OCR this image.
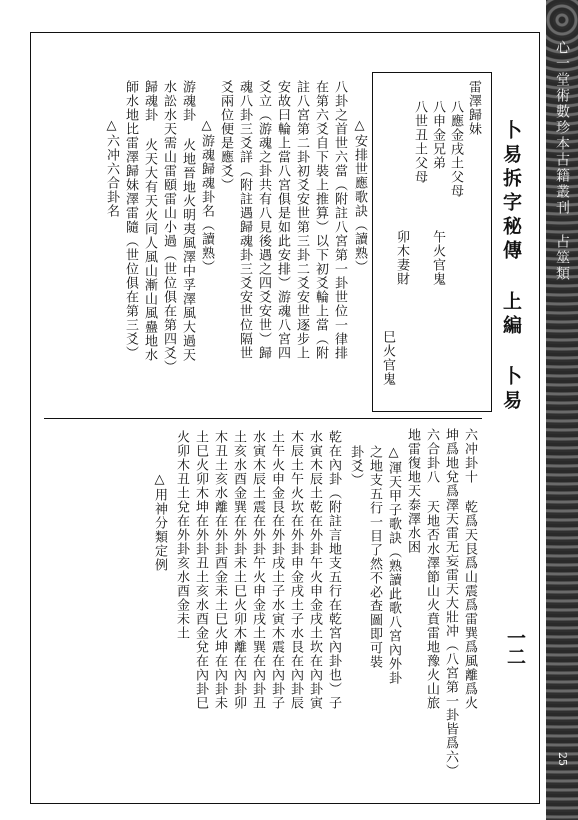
卜易拆字秘傳 上編 卜易
一二
心一堂術數珍本古籍叢刊 占筮類
25
雷澤歸妹
八應金戌土父母
八申金兄弟
午火官鬼
八世丑土父母
卯木妻財
巳火官鬼
△安排世應歌訣（讀熟）
八卦之首世六當（附註八宮第一卦世位一律排
在第六爻自下裝上推算）以下初爻輪上當（附
註八宮第二卦初爻安世第三卦二爻安世逐步上
安故曰輪上當八宮俱是如此安排）游魂八宮四
爻立（游魂之卦共有八見後遇之四爻安世）歸
魂八卦三爻詳（附註遇歸魂卦三爻安世位隔世
爻兩位便是應爻）
△游魂歸魂卦名（讀熟）
游魂卦 火地晉地火明夷風澤中孚澤風大過天
水訟水天需山雷頤雷山小過（世位俱在第四爻）
歸魂卦 火天大有天火同人風山漸山風蠱地水
師水地比雷澤歸妹澤雷隨（世位俱在第三爻）
△六冲六合卦名
六冲卦十 乾爲天艮爲山震爲雷巽爲風離爲火
坤爲地兌爲澤天雷无妄雷天大壯冲（八宮第一卦皆爲六）
六合卦八 天地否水澤節山火賁雷地豫火山旅
地雷復地天泰澤水困
△渾天甲子歌訣（熟讀此歌八宮內外卦
之地支五行一目了然不必查圖即可裝
卦爻）
乾在內卦（附註言地支五行在乾宮內卦也）子
水寅木辰土乾在外卦午火申金戌土坎在內卦寅
木辰土午火坎在外卦申金戌土子水艮在內卦辰
土午火申金艮在外卦戌土子水寅木震在內卦子
水寅木辰土震在外卦午火申金戌土巽在內卦丑
土亥水酉金巽在外卦未土巳火卯木離在內卦卯
木丑土亥水離在外卦酉金未土巳火坤在內卦未
土巳火卯木坤在外卦丑土亥水酉金兌在內卦巳
火卯木丑土兌在外卦亥水酉金未土
△用神分類定例
